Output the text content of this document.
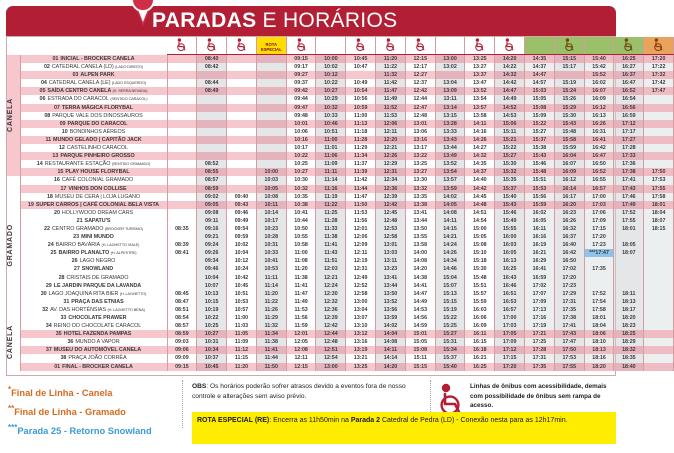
PARADAS E HORÁRIOS

ROTA
ESPECIAL

CANELA	01 INICIAL - BROCKER CANELA		08:40			09:15	10:00	10:45	11:20	12:15	13:00	13:25	14:20	14:35	15:15	15:40	16:25	17:20
	02 CATEDRAL CANELA (LD) (LADO DIREITO)		08:42			09:17	10:02	10:47	11:22	12:17	13:02	13:27	14:22	14:37	15:17	15:42	16:27	17:22
	03 ALPEN PARK					09:27	10:12		11:32	12:27		13:37	14:32	14:47		15:52	16:37	17:32
	04 CATEDRAL CANELA (LE) (LADO ESQUERDO)		08:44			09:37	10:22	10:49	11:42	12:37	13:04	13:47	14:42	14:57	15:19	16:02	16:47	17:42
	05 SAÍDA CENTRO CANELA (H. SERRA NEVADA)		08:49			09:42	10:27	10:54	11:47	12:42	13:09	13:52	14:47	15:03	15:24	16:07	16:52	17:47
	06 ESTRADA DO CARACOL (SENTIDO CARACOL)					09:44	10:29	10:56	11:49	12:44	13:11	13:54	14:49	15:05	15:26	16:09	16:54	
	07 TERRA MÁGICA FLORYBAL					09:47	10:32	10:59	11:52	12:47	13:14	13:57	14:52	15:08	15:29	16:12	16:56	
	08 PARQUE VALE DOS DINOSSAUROS					09:48	10:33	11:00	11:53	12:48	13:15	13:58	14:53	15:09	15:30	16:13	16:59	
	09 PARQUE DO CARACOL					10:01	10:46	11:13	12:06	13:01	13:28	14:11	15:06	15:22	15:43	16:26	17:12	
	10 BONDINHOS AÉREOS					10:06	10:51	11:18	12:11	13:06	13:33	14:16	15:11	15:27	15:48	16:31	17:17	
	11 MUNDO GELADO | CAPITÃO JACK					10:16	11:00	11:28	12:20	13:16	13:43	14:26	15:21	15:37	15:58	16:41	17:27	
	12 CASTELINHO CARACOL					10:17	11:01	11:29	12:21	13:17	13:44	14:27	15:22	15:38	15:59	16:42	17:28	
	13 PARQUE PINHEIRO GROSSO					10:22	11:06	11:34	12:26	13:22	13:49	14:32	15:27	15:43	16:04	16:47	17:33	
	14 RESTAURANTE ESTAÇÃO (SENTIDO GRAMADO)		08:52			10:25	11:09	11:37	12:29	13:25	13:52	14:35	15:30	15:46	16:07	16:50	17:36	
	15 PLAY HOUSE FLORYBAL		08:55		10:00	10:27	11:11	11:39	12:31	13:27	13:54	14:37	15:32	15:48	16:09	16:52	17:38	17:50

GRAMADO	16 CAFÉ COLONIAL GRAMADO		08:57		10:03	10:30	11:14	11:42	12:34	13:30	13:57	14:40	15:35	15:51	16:12	16:55	17:41	17:53
	17 VINHOS DON COLLISE		08:59		10:05	10:32	11:16	11:44	12:36	13:32	13:59	14:42	15:37	15:53	16:14	16:57	17:43	17:55
	18 MUSEU DE CERA | LOJA LUGANO		09:02	09:40	10:08	10:35	11:19	11:47	12:39	13:35	14:02	14:45	15:40	15:56	16:17	17:00	17:46	17:58
	19 SUPER CARROS | CAFÉ COLONIAL BELA VISTA		09:05	09:43	10:11	10:38	11:22	11:50	12:42	13:38	14:05	14:48	15:43	15:59	16:20	17:03	17:49	18:01
	20 HOLLYWOOD DREAM CARS		09:08	09:46	10:14	10:41	11:25	11:53	12:45	13:41	14:08	14:51	15:46	16:02	16:23	17:06	17:52	18:04
	21 SAPATU'S		09:11	09:49	10:17	10:44	11:28	11:56	12:48	13:44	14:11	14:54	15:49	16:05	16:26	17:09	17:55	18:07
	22 CENTRO GRAMADO (BROCKER TURISMO)	08:35	09:16	09:54	10:23	10:50	11:33	12:01	12:53	13:50	14:15	15:00	15:55	16:11	16:32	17:15	18:01	18:15
	23 MINI MUNDO		09:21	09:59	10:28	10:55	11:38	12:06	12:58	13:55	14:21	15:05	16:00	16:16	16:37	17:20		
	24 BAIRRO BAVÁRIA (H. LAGHETTO VIALE)	08:39	09:24	10:02	10:31	10:58	11:41	12:09	13:01	13:58	14:24	15:08	16:03	16:19	16:40	17:23	18:05	
	25 BAIRRO PLANALTO (H. ALPESTRE)	08:41	09:26	10:04	10:33	11:00	11:43	12:11	13:03	14:00	14:26	15:10	16:05	16:21	16:42	***17:47	18:07	
	26 LAGO NEGRO		09:34	10:12	10:41	11:08	11:51	12:19	13:11	14:08	14:34	15:18	16:13	16:29	16:50			
	27 SNOWLAND		09:46	10:24	10:53	11:20	12:03	12:31	13:23	14:20	14:46	15:30	16:25	16:41	17:02	17:35		
	28 CRISTAIS DE GRAMADO		10:04	10:42	11:11	11:38	12:21	12:49	13:41	14:38	15:04	15:48	16:43	16:59	17:20			
	29 LE JARDIN PARQUE DA LAVANDA		10:07	10:45	11:14	11:41	12:24	12:52	13:44	14:41	15:07	15:51	16:46	17:02	17:23			
	30 LAGO JOAQUINA RITA BIER (H. LAGHETTO)	08:45	10:13	10:51	11:20	11:47	12:30	12:58	13:50	14:47	15:13	15:57	16:51	17:07	17:29	17:52	18:11	
	31 PRAÇA DAS ETNIAS	08:47	10:15	10:53	11:22	11:49	12:32	13:00	13:52	14:49	15:15	15:59	16:53	17:09	17:31	17:54	18:13	
	32 AV. DAS HORTÊNSIAS (H. LAGHETTO BENA)	08:51	10:19	10:57	11:26	11:53	12:36	13:04	13:56	14:53	15:19	16:03	16:57	17:13	17:35	17:58	18:17	

CANELA	33 CHOCOLATE PRAWER	08:54	10:22	11:00	11:29	11:56	12:39	13:07	13:59	14:56	15:22	16:06	17:00	17:16	17:38	18:01	18:20	
	34 REINO DO CHOCOLATE CARACOL	08:57	10:25	11:03	11:32	11:59	12:42	13:10	14:02	14:59	15:25	16:09	17:03	17:19	17:41	18:04	18:23	
	35 HOTEL FAZENDA PAMPAS	08:59	10:27	11:05	11:34	12:01	12:44	13:12	14:04	15:01	15:27	16:11	17:05	17:21	17:43	18:06	18:25	
	36 MUNDO A VAPOR	09:03	10:31	11:09	11:38	12:05	12:48	13:16	14:08	15:05	15:31	16:15	17:09	17:25	17:47	18:10	18:29	
	37 MUSEU DO AUTOMÓVEL CANELA	09:06	10:34	11:12	11:41	12:08	12:51	13:19	14:11	15:08	15:34	16:18	17:12	17:28	17:50	18:13	18:32	
	38 PRAÇA JOÃO CORRÊA	09:09	10:37	11:15	11:44	12:11	12:54	13:21	14:14	15:11	15:37	16:21	17:15	17:31	17:53	18:16	18:35	
	01 FINAL - BROCKER CANELA	09:15	10:45	11:20	11:50	12:15	13:00	13:25	14:20	15:15	15:40	16:25	17:20	17:35	17:55	18:20	18:40	
*Final de Linha - Canela
**Final de Linha - Gramado
***Parada 25 - Retorno Snowland
OBS: Os horários poderão sofrer atrasos devido a eventos fora de nosso controle e alterações sem aviso prévio.
Linhas de ônibus com acessibilidade, demais com possibilidade de ônibus sem rampa de acesso.
ROTA ESPECIAL (RE): Encerra as 11h50min na Parada 2 Catedral de Pedra (LD) - Conexão nesta para as 12h17min.
